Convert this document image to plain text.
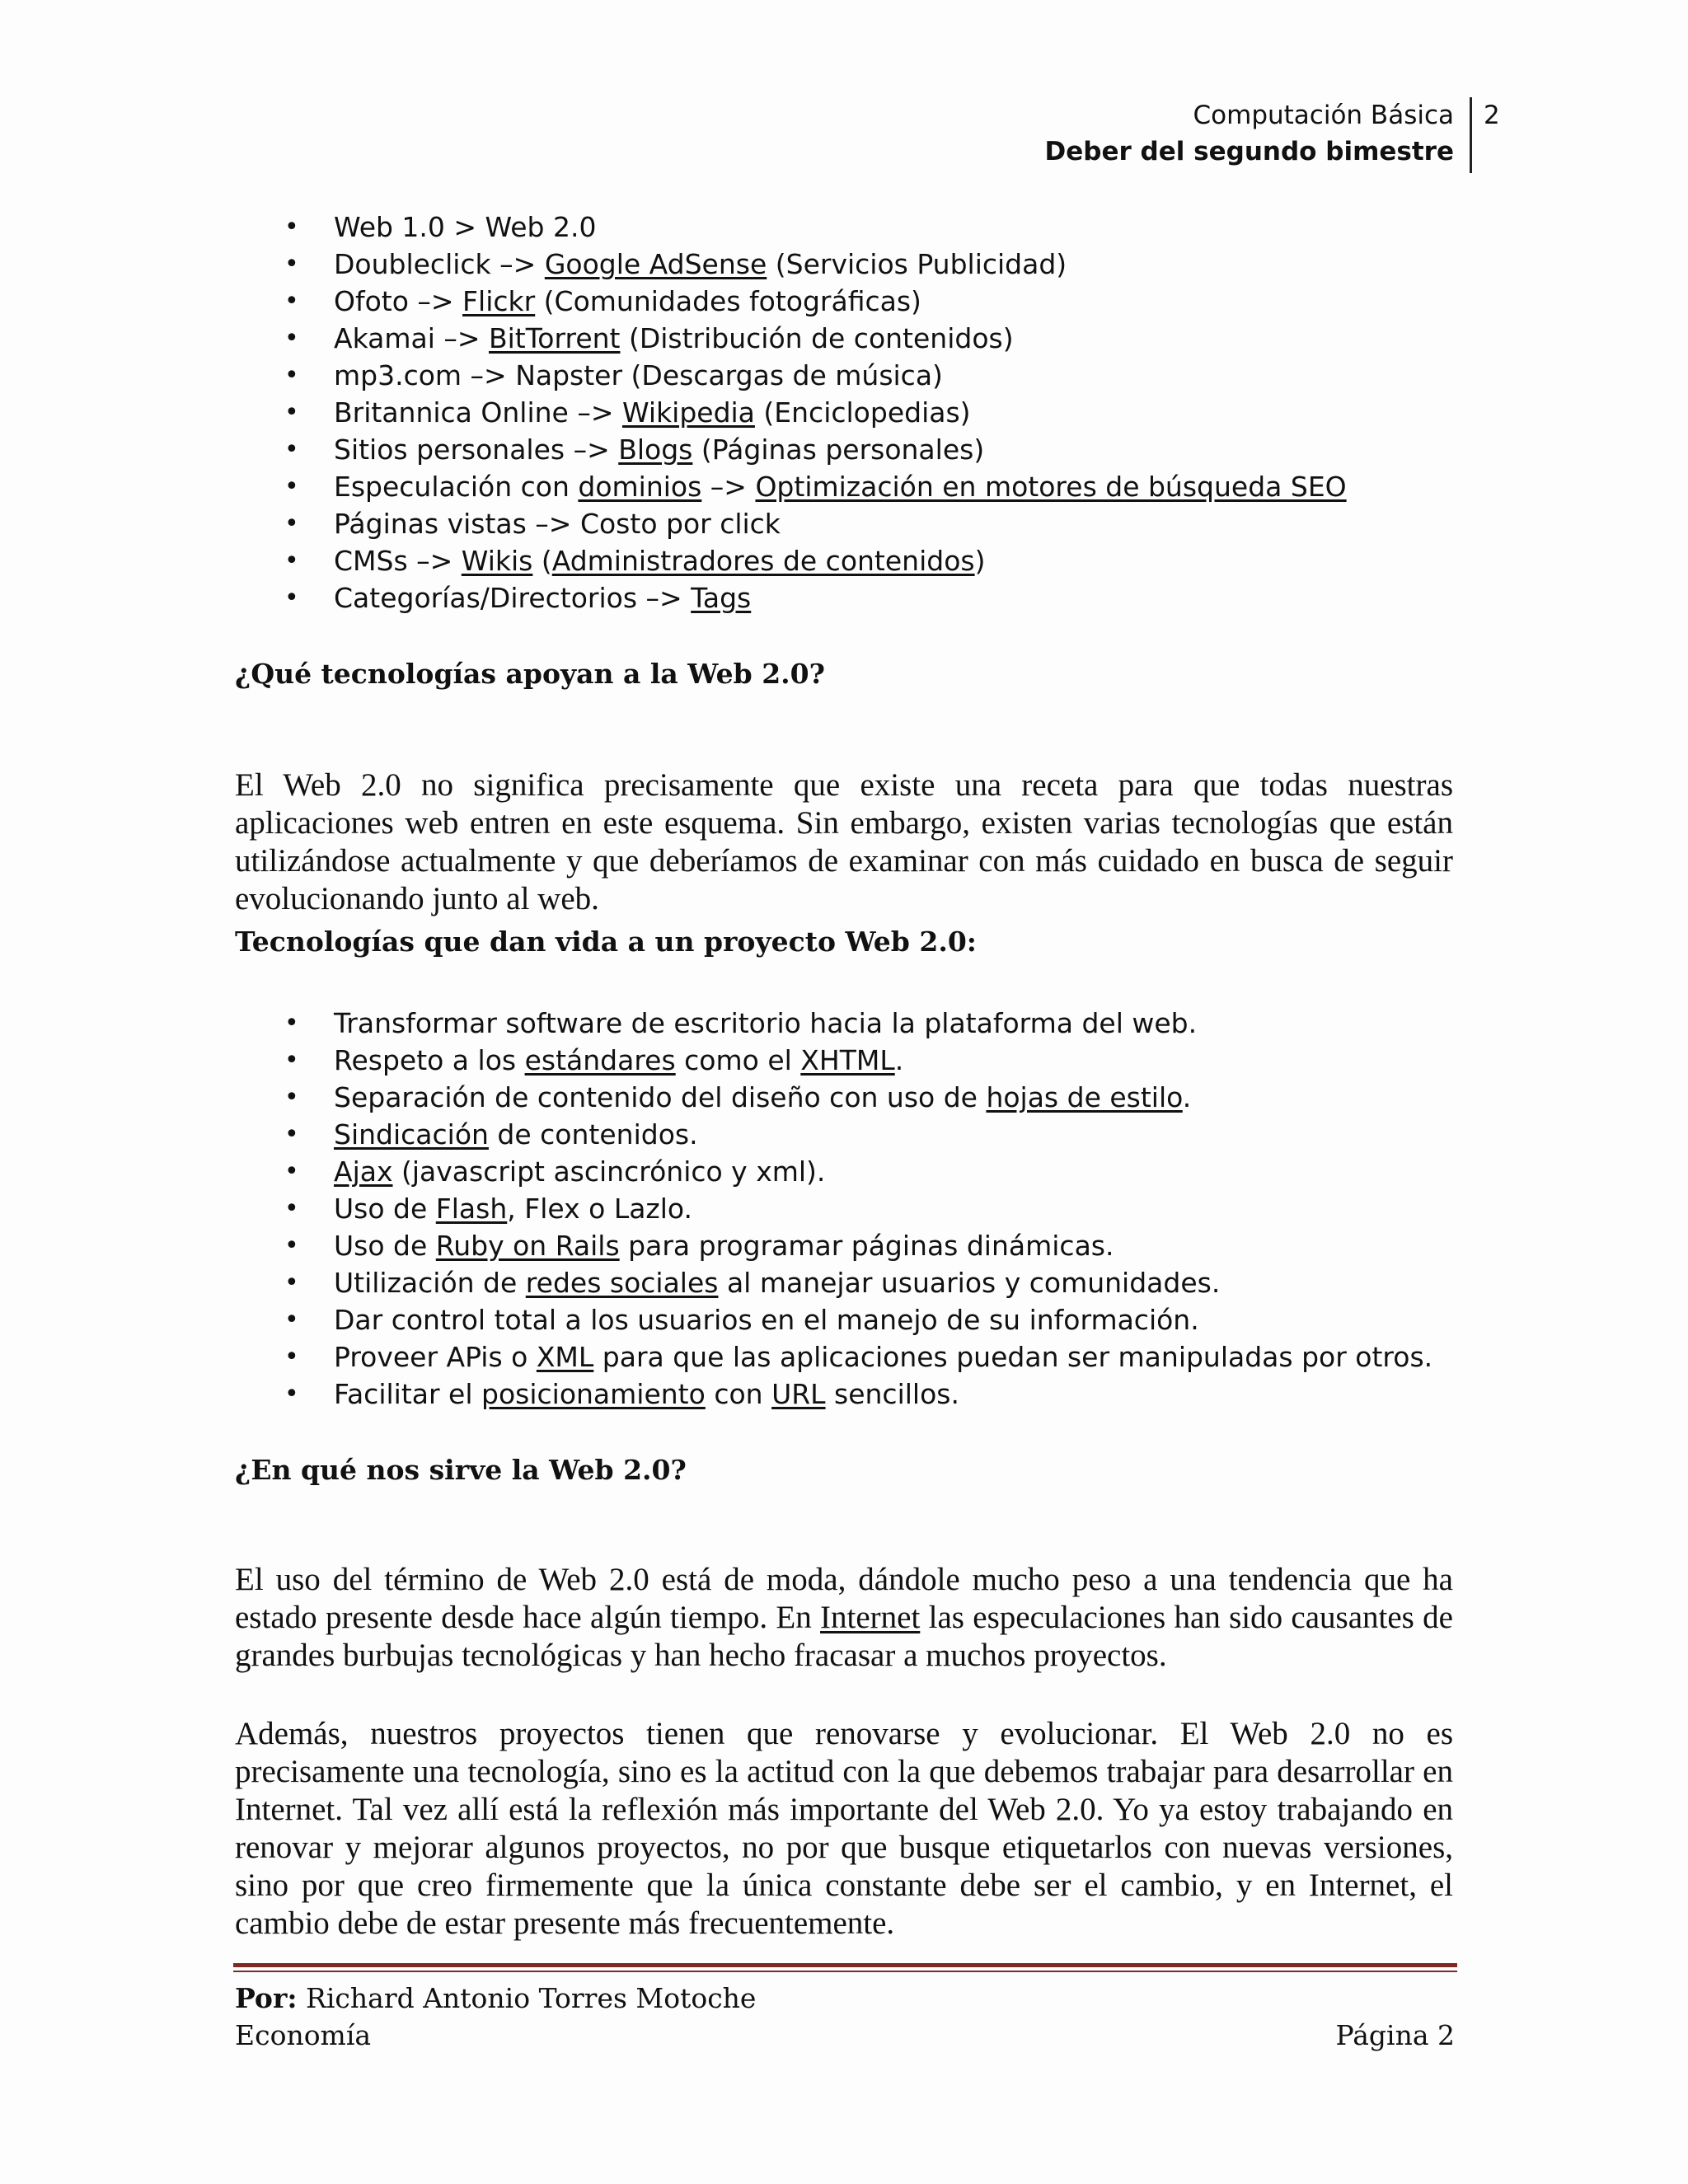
Computación Básica
Deber del segundo bimestre
2
• Web 1.0 > Web 2.0
• Doubleclick –> Google AdSense (Servicios Publicidad)
• Ofoto –> Flickr (Comunidades fotográficas)
• Akamai –> BitTorrent (Distribución de contenidos)
• mp3.com –> Napster (Descargas de música)
• Britannica Online –> Wikipedia (Enciclopedias)
• Sitios personales –> Blogs (Páginas personales)
• Especulación con dominios –> Optimización en motores de búsqueda SEO
• Páginas vistas –> Costo por click
• CMSs –> Wikis (Administradores de contenidos)
• Categorías/Directorios –> Tags
¿Qué tecnologías apoyan a la Web 2.0?

El Web 2.0 no significa precisamente que existe una receta para que todas nuestras aplicaciones web entren en este esquema. Sin embargo, existen varias tecnologías que están utilizándose actualmente y que deberíamos de examinar con más cuidado en busca de seguir evolucionando junto al web.

Tecnologías que dan vida a un proyecto Web 2.0:
• Transformar software de escritorio hacia la plataforma del web.
• Respeto a los estándares como el XHTML.
• Separación de contenido del diseño con uso de hojas de estilo.
• Sindicación de contenidos.
• Ajax (javascript ascincrónico y xml).
• Uso de Flash, Flex o Lazlo.
• Uso de Ruby on Rails para programar páginas dinámicas.
• Utilización de redes sociales al manejar usuarios y comunidades.
• Dar control total a los usuarios en el manejo de su información.
• Proveer APis o XML para que las aplicaciones puedan ser manipuladas por otros.
• Facilitar el posicionamiento con URL sencillos.
¿En qué nos sirve la Web 2.0?

El uso del término de Web 2.0 está de moda, dándole mucho peso a una tendencia que ha estado presente desde hace algún tiempo. En Internet las especulaciones han sido causantes de grandes burbujas tecnológicas y han hecho fracasar a muchos proyectos.

Además, nuestros proyectos tienen que renovarse y evolucionar. El Web 2.0 no es precisamente una tecnología, sino es la actitud con la que debemos trabajar para desarrollar en Internet. Tal vez allí está la reflexión más importante del Web 2.0. Yo ya estoy trabajando en renovar y mejorar algunos proyectos, no por que busque etiquetarlos con nuevas versiones, sino por que creo firmemente que la única constante debe ser el cambio, y en Internet, el cambio debe de estar presente más frecuentemente.

Por: Richard Antonio Torres Motoche
Economía	Página 2
